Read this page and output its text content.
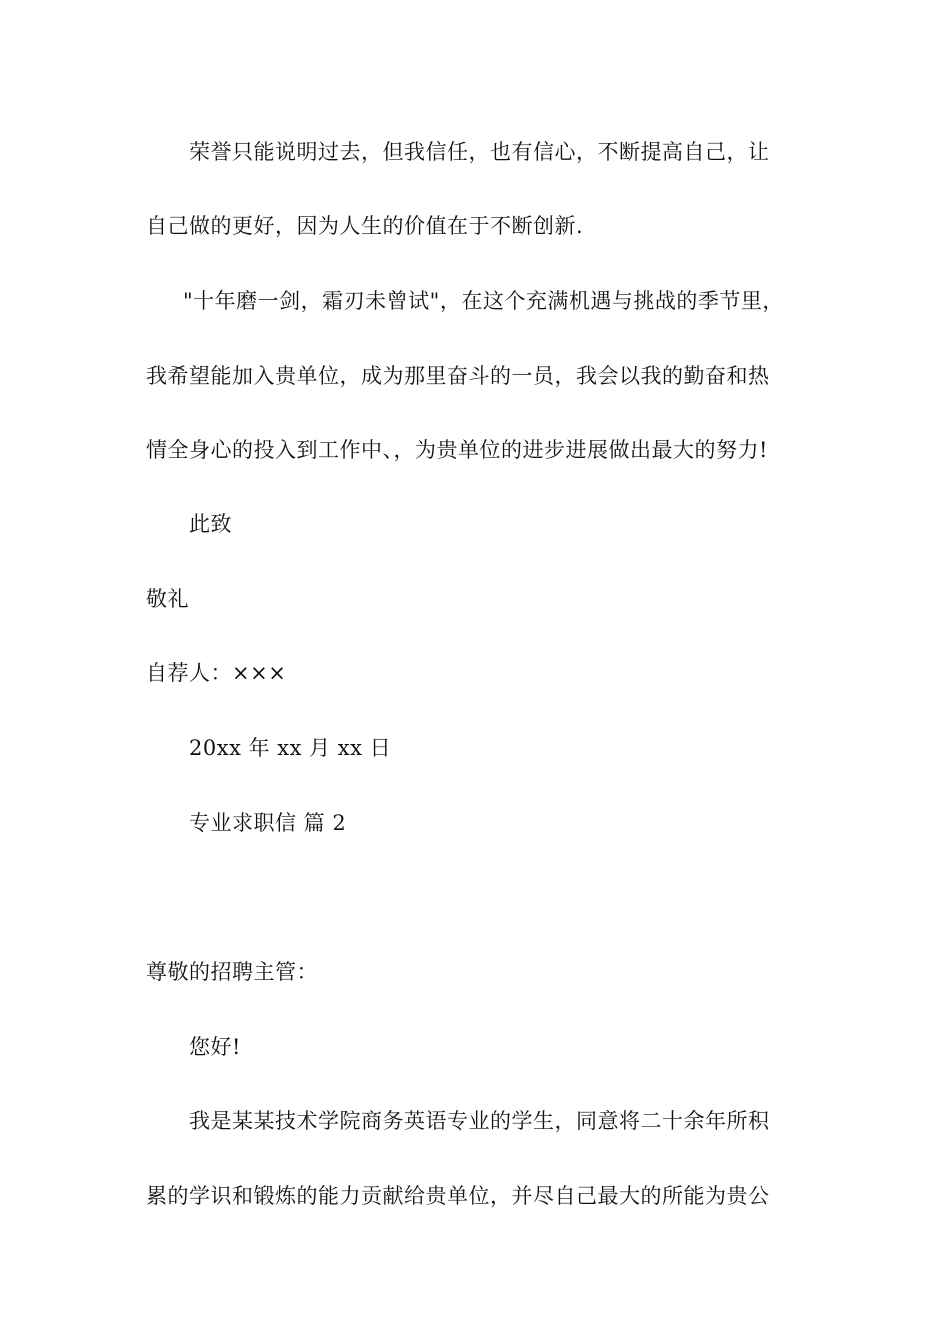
荣誉只能说明过去，但我信任，也有信心，不断提高自己，让
自己做的更好，因为人生的价值在于不断创新.
"十年磨一剑，霜刃未曾试"，在这个充满机遇与挑战的季节里，
我希望能加入贵单位，成为那里奋斗的一员，我会以我的勤奋和热
情全身心的投入到工作中、，为贵单位的进步进展做出最大的努力!
此致
敬礼
自荐人：×××
20xx 年 xx 月 xx 日
专业求职信 篇 2
尊敬的招聘主管：
您好!
我是某某技术学院商务英语专业的学生，同意将二十余年所积
累的学识和锻炼的能力贡献给贵单位，并尽自己最大的所能为贵公
